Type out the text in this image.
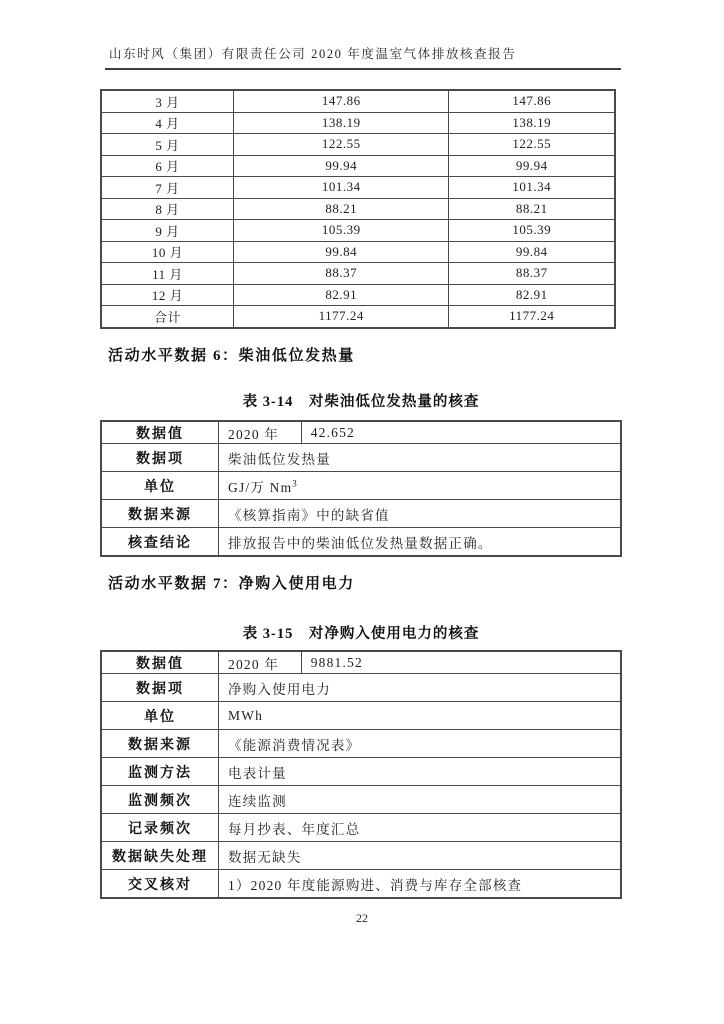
山东时风（集团）有限责任公司 2020 年度温室气体排放核查报告
3 月	147.86	147.86
4 月	138.19	138.19
5 月	122.55	122.55
6 月	99.94	99.94
7 月	101.34	101.34
8 月	88.21	88.21
9 月	105.39	105.39
10 月	99.84	99.84
11 月	88.37	88.37
12 月	82.91	82.91
合计	1177.24	1177.24
活动水平数据 6：柴油低位发热量
表 3-14　对柴油低位发热量的核查
数据值	2020 年	42.652
数据项	柴油低位发热量	
单位	GJ/万 Nm$^3$
数据来源	《核算指南》中的缺省值	
核查结论	排放报告中的柴油低位发热量数据正确。	
活动水平数据 7：净购入使用电力
表 3-15　对净购入使用电力的核查
数据值	2020 年	9881.52
数据项	净购入使用电力	
单位	MWh	
数据来源	《能源消费情况表》	
监测方法	电表计量	
监测频次	连续监测	
记录频次	每月抄表、年度汇总	
数据缺失处理	数据无缺失	
交叉核对	1）2020 年度能源购进、消费与库存全部核查	
22
